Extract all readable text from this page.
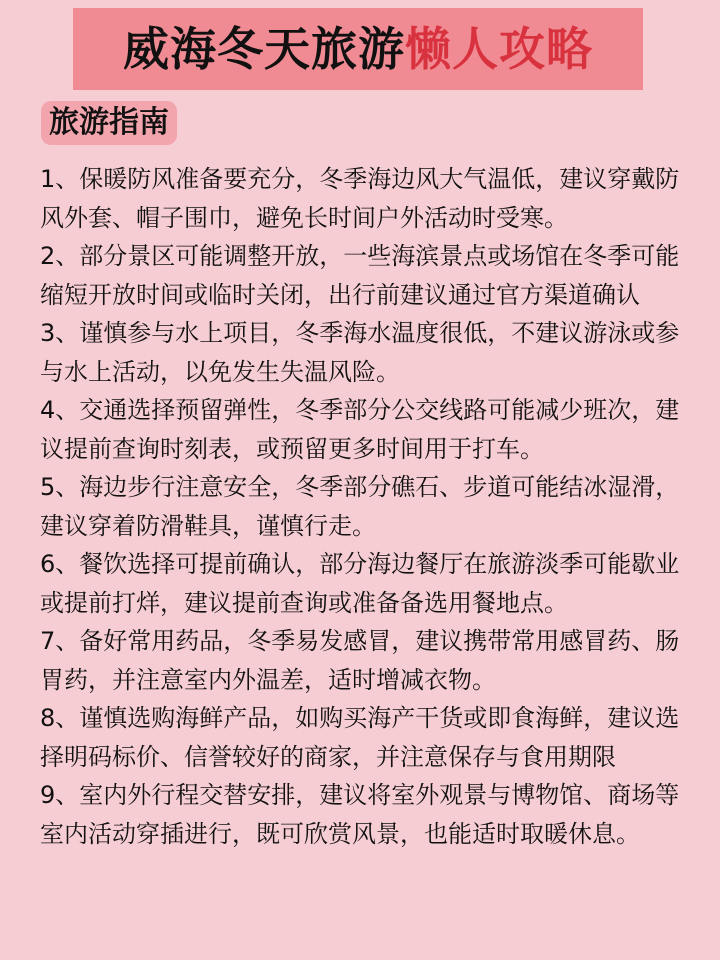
威海冬天旅游懒人攻略
旅游指南

1、保暖防风准备要充分，冬季海边风大气温低，建议穿戴防风外套、帽子围巾，避免长时间户外活动时受寒。

2、部分景区可能调整开放，一些海滨景点或场馆在冬季可能缩短开放时间或临时关闭，出行前建议通过官方渠道确认

3、谨慎参与水上项目，冬季海水温度很低，不建议游泳或参与水上活动，以免发生失温风险。

4、交通选择预留弹性，冬季部分公交线路可能减少班次，建议提前查询时刻表，或预留更多时间用于打车。

5、海边步行注意安全，冬季部分礁石、步道可能结冰湿滑，建议穿着防滑鞋具，谨慎行走。

6、餐饮选择可提前确认，部分海边餐厅在旅游淡季可能歇业或提前打烊，建议提前查询或准备备选用餐地点。

7、备好常用药品，冬季易发感冒，建议携带常用感冒药、肠胃药，并注意室内外温差，适时增减衣物。

8、谨慎选购海鲜产品，如购买海产干货或即食海鲜，建议选择明码标价、信誉较好的商家，并注意保存与食用期限

9、室内外行程交替安排，建议将室外观景与博物馆、商场等室内活动穿插进行，既可欣赏风景，也能适时取暖休息。
